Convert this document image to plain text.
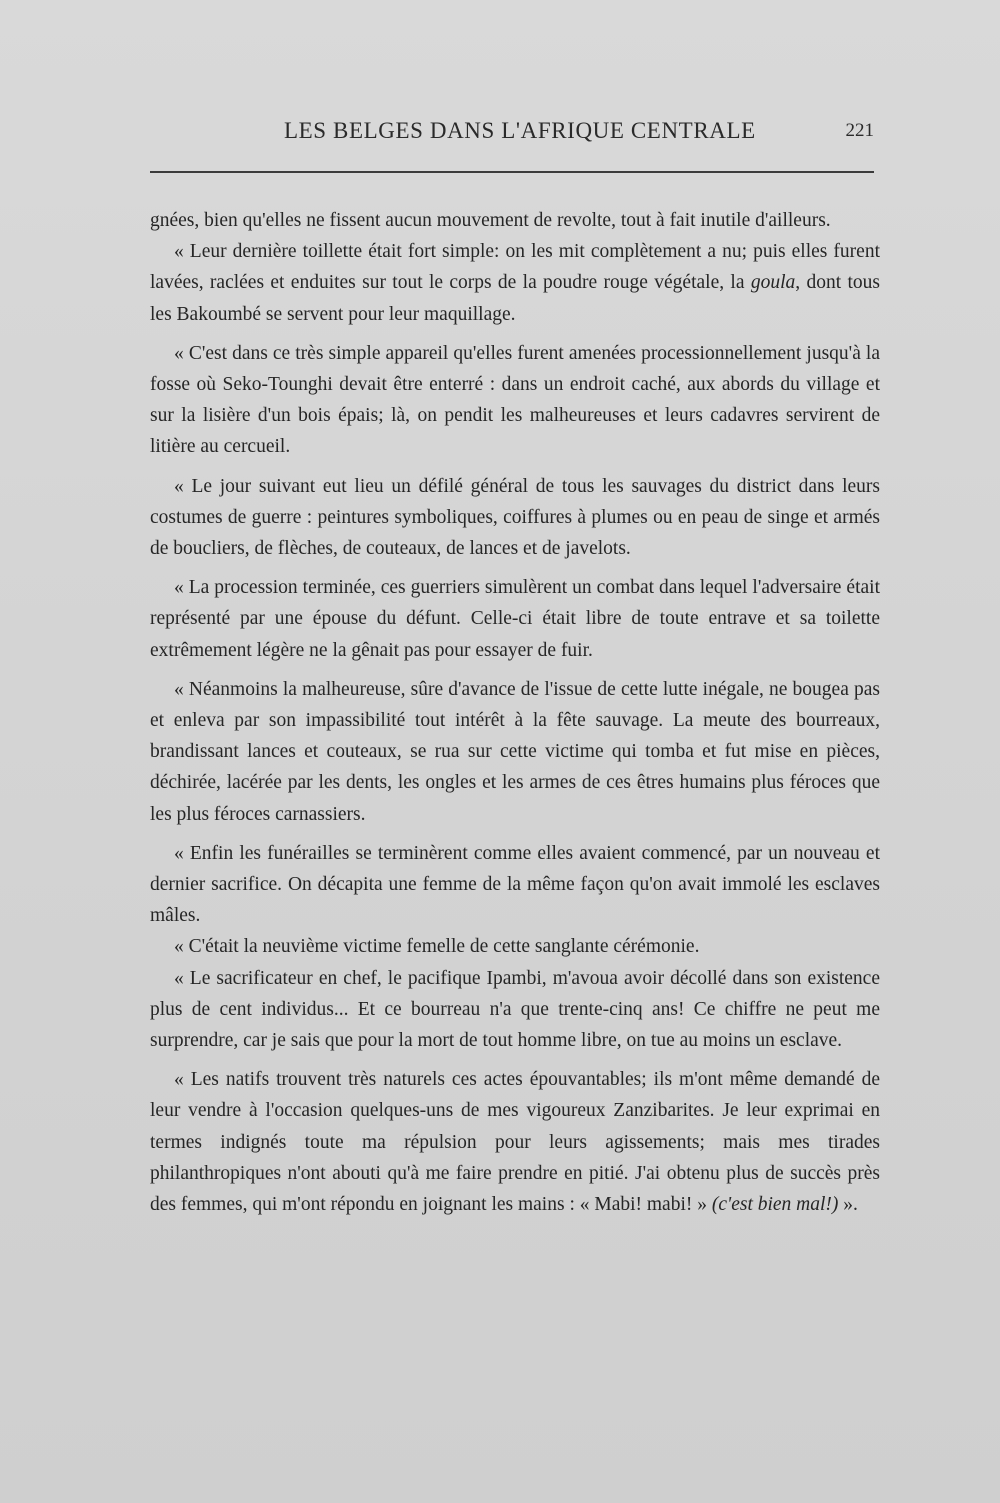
LES BELGES DANS L'AFRIQUE CENTRALE	221

gnées, bien qu'elles ne fissent aucun mouvement de revolte, tout à fait inutile d'ailleurs.

« Leur dernière toillette était fort simple: on les mit complètement a nu; puis elles furent lavées, raclées et enduites sur tout le corps de la poudre rouge végétale, la goula, dont tous les Bakoumbé se servent pour leur maquillage.

« C'est dans ce très simple appareil qu'elles furent amenées processionnellement jusqu'à la fosse où Seko-Tounghi devait être enterré : dans un endroit caché, aux abords du village et sur la lisière d'un bois épais; là, on pendit les malheureuses et leurs cadavres servirent de litière au cercueil.

« Le jour suivant eut lieu un défilé général de tous les sauvages du district dans leurs costumes de guerre : peintures symboliques, coiffures à plumes ou en peau de singe et armés de boucliers, de flèches, de couteaux, de lances et de javelots.

« La procession terminée, ces guerriers simulèrent un combat dans lequel l'adversaire était représenté par une épouse du défunt. Celle-ci était libre de toute entrave et sa toilette extrêmement légère ne la gênait pas pour essayer de fuir.

« Néanmoins la malheureuse, sûre d'avance de l'issue de cette lutte inégale, ne bougea pas et enleva par son impassibilité tout intérêt à la fête sauvage. La meute des bourreaux, brandissant lances et couteaux, se rua sur cette victime qui tomba et fut mise en pièces, déchirée, lacérée par les dents, les ongles et les armes de ces êtres humains plus féroces que les plus féroces carnassiers.

« Enfin les funérailles se terminèrent comme elles avaient commencé, par un nouveau et dernier sacrifice. On décapita une femme de la même façon qu'on avait immolé les esclaves mâles.

« C'était la neuvième victime femelle de cette sanglante cérémonie.

« Le sacrificateur en chef, le pacifique Ipambi, m'avoua avoir décollé dans son existence plus de cent individus... Et ce bourreau n'a que trente-cinq ans! Ce chiffre ne peut me surprendre, car je sais que pour la mort de tout homme libre, on tue au moins un esclave.

« Les natifs trouvent très naturels ces actes épouvantables; ils m'ont même demandé de leur vendre à l'occasion quelques-uns de mes vigoureux Zanzibarites. Je leur exprimai en termes indignés toute ma répulsion pour leurs agissements; mais mes tirades philanthropiques n'ont abouti qu'à me faire prendre en pitié. J'ai obtenu plus de succès près des femmes, qui m'ont répondu en joignant les mains : « Mabi! mabi! » (c'est bien mal!) ».
